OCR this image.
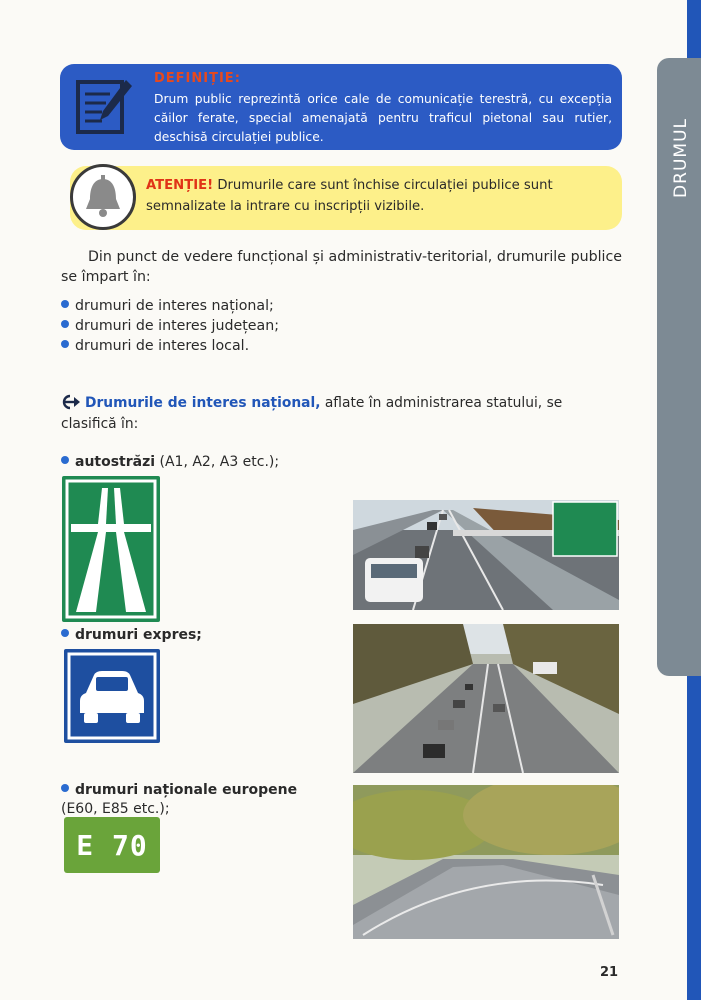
DRUMUL
DEFINIȚIE:
Drum public reprezintă orice cale de comunicație terestră, cu excepția căilor ferate, special amenajată pentru traficul pietonal sau rutier, deschisă circulației publice.
ATENȚIE! Drumurile care sunt închise circulației publice sunt semnalizate la intrare cu inscripții vizibile.
Din punct de vedere funcțional și administrativ-teritorial, drumurile publice se împart în:
drumuri de interes național;
drumuri de interes județean;
drumuri de interes local.
Drumurile de interes național, aflate în administrarea statului, se clasifică în:
autostrăzi (A1, A2, A3 etc.);
drumuri expres;
drumuri naționale europene
(E60, E85 etc.);
E 70
21
